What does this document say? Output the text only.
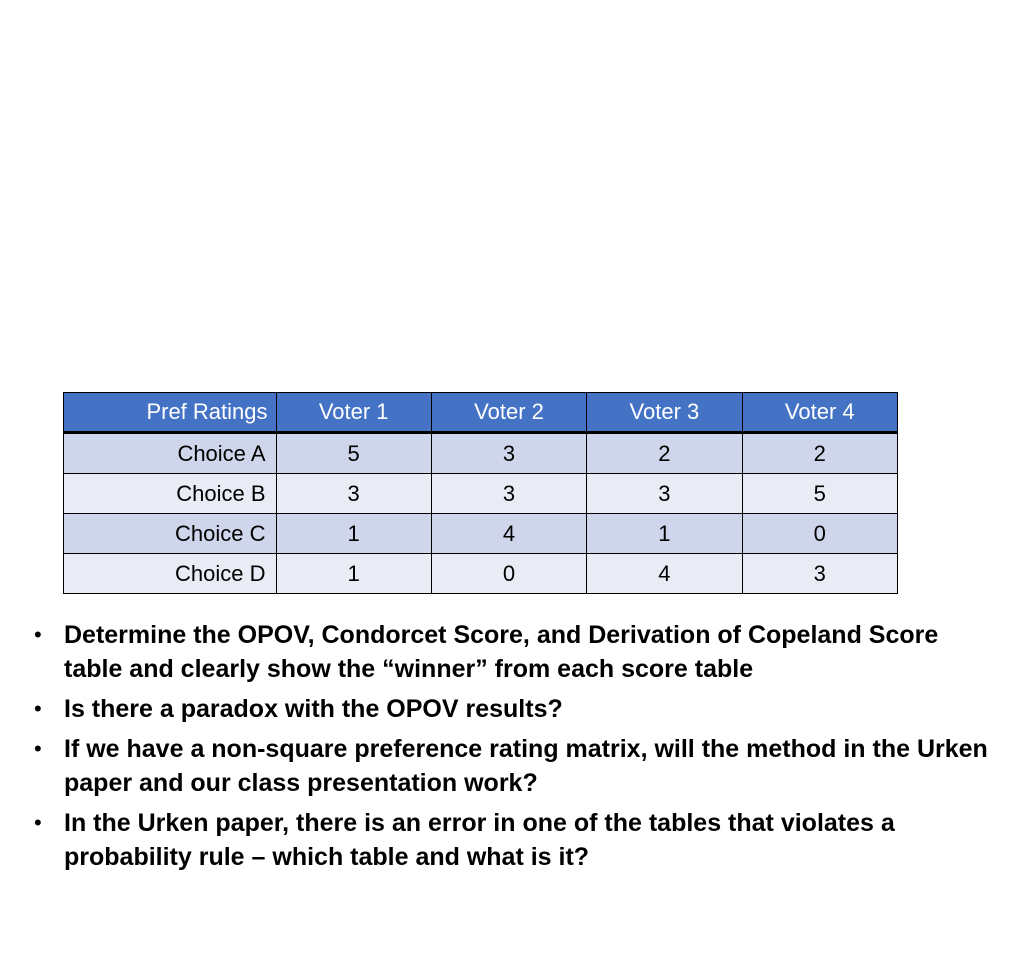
Pref Ratings	Voter 1	Voter 2	Voter 3	Voter 4
Choice A	5	3	2	2
Choice B	3	3	3	5
Choice C	1	4	1	0
Choice D	1	0	4	3
• Determine the OPOV, Condorcet Score, and Derivation of Copeland Score table and clearly show the “winner” from each score table
• Is there a paradox with the OPOV results?
• If we have a non-square preference rating matrix, will the method in the Urken paper and our class presentation work?
• In the Urken paper, there is an error in one of the tables that violates a probability rule – which table and what is it?
